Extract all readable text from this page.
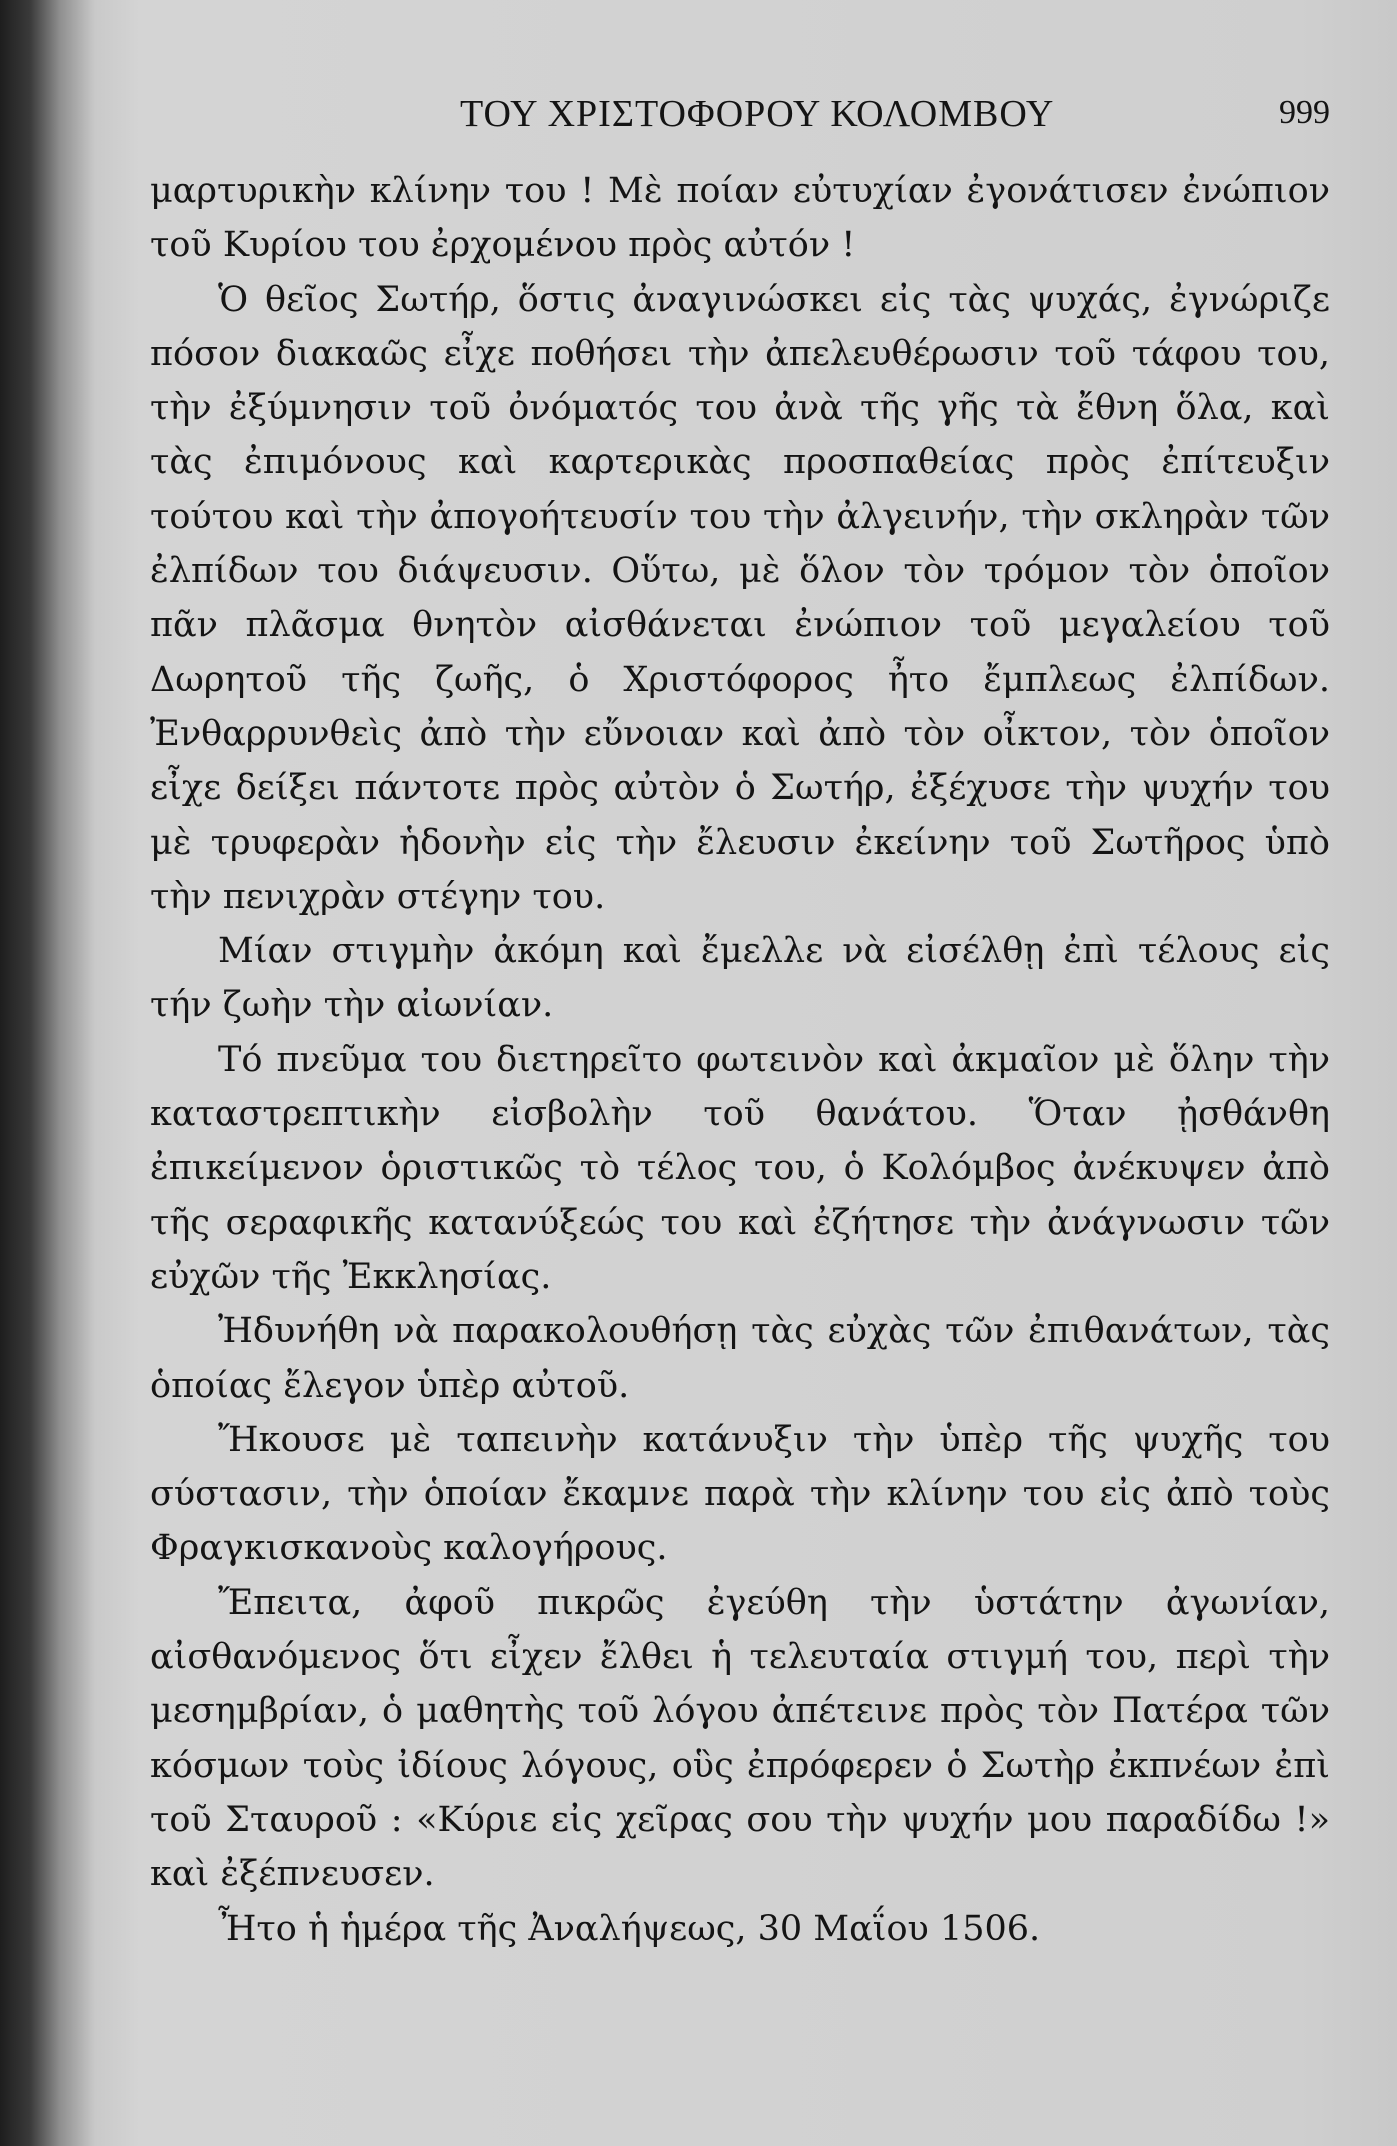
ΤΟΥ ΧΡΙΣΤΟΦΟΡΟΥ ΚΟΛΟΜΒΟΥ	999

μαρτυρικὴν κλίνην του ! Μὲ ποίαν εὐτυχίαν ἐγονάτισεν ἐνώπιον τοῦ Κυρίου του ἐρχομένου πρὸς αὐτόν !

Ὁ θεῖος Σωτήρ, ὅστις ἀναγινώσκει εἰς τὰς ψυχάς, ἐγνώριζε πόσον διακαῶς εἶχε ποθήσει τὴν ἀπελευθέρωσιν τοῦ τάφου του, τὴν ἐξύμνησιν τοῦ ὀνόματός του ἀνὰ τῆς γῆς τὰ ἔθνη ὅλα, καὶ τὰς ἐπιμόνους καὶ καρτερικὰς προσπαθείας πρὸς ἐπίτευξιν τούτου καὶ τὴν ἀπογοήτευσίν του τὴν ἀλγεινήν, τὴν σκληρὰν τῶν ἐλπίδων του διάψευσιν. Οὕτω, μὲ ὅλον τὸν τρόμον τὸν ὁποῖον πᾶν πλᾶσμα θνητὸν αἰσθάνεται ἐνώπιον τοῦ μεγαλείου τοῦ Δωρητοῦ τῆς ζωῆς, ὁ Χριστόφορος ἦτο ἔμπλεως ἐλπίδων. Ἐνθαρρυνθεὶς ἀπὸ τὴν εὔνοιαν καὶ ἀπὸ τὸν οἶκτον, τὸν ὁποῖον εἶχε δείξει πάντοτε πρὸς αὐτὸν ὁ Σωτήρ, ἐξέχυσε τὴν ψυχήν του μὲ τρυφερὰν ἡδονὴν εἰς τὴν ἔλευσιν ἐκείνην τοῦ Σωτῆρος ὑπὸ τὴν πενιχρὰν στέγην του.

Μίαν στιγμὴν ἀκόμη καὶ ἔμελλε νὰ εἰσέλθῃ ἐπὶ τέλους εἰς τήν ζωὴν τὴν αἰωνίαν.

Τό πνεῦμα του διετηρεῖτο φωτεινὸν καὶ ἀκμαῖον μὲ ὅλην τὴν καταστρεπτικὴν εἰσβολὴν τοῦ θανάτου. Ὅταν ᾐσθάνθη ἐπικείμενον ὁριστικῶς τὸ τέλος του, ὁ Κολόμβος ἀνέκυψεν ἀπὸ τῆς σεραφικῆς κατανύξεώς του καὶ ἐζήτησε τὴν ἀνάγνωσιν τῶν εὐχῶν τῆς Ἐκκλησίας.

Ἠδυνήθη νὰ παρακολουθήσῃ τὰς εὐχὰς τῶν ἐπιθανάτων, τὰς ὁποίας ἔλεγον ὑπὲρ αὐτοῦ.

Ἤκουσε μὲ ταπεινὴν κατάνυξιν τὴν ὑπὲρ τῆς ψυχῆς του σύστασιν, τὴν ὁποίαν ἔκαμνε παρὰ τὴν κλίνην του εἰς ἀπὸ τοὺς Φραγκισκανοὺς καλογήρους.

Ἔπειτα, ἀφοῦ πικρῶς ἐγεύθη τὴν ὑστάτην ἀγωνίαν, αἰσθανόμενος ὅτι εἶχεν ἔλθει ἡ τελευταία στιγμή του, περὶ τὴν μεσημβρίαν, ὁ μαθητὴς τοῦ λόγου ἀπέτεινε πρὸς τὸν Πατέρα τῶν κόσμων τοὺς ἰδίους λόγους, οὓς ἐπρόφερεν ὁ Σωτὴρ ἐκπνέων ἐπὶ τοῦ Σταυροῦ : «Κύριε εἰς χεῖρας σου τὴν ψυχήν μου παραδίδω !» καὶ ἐξέπνευσεν.

Ἦτο ἡ ἡμέρα τῆς Ἀναλήψεως, 30 Μαΐου 1506.
